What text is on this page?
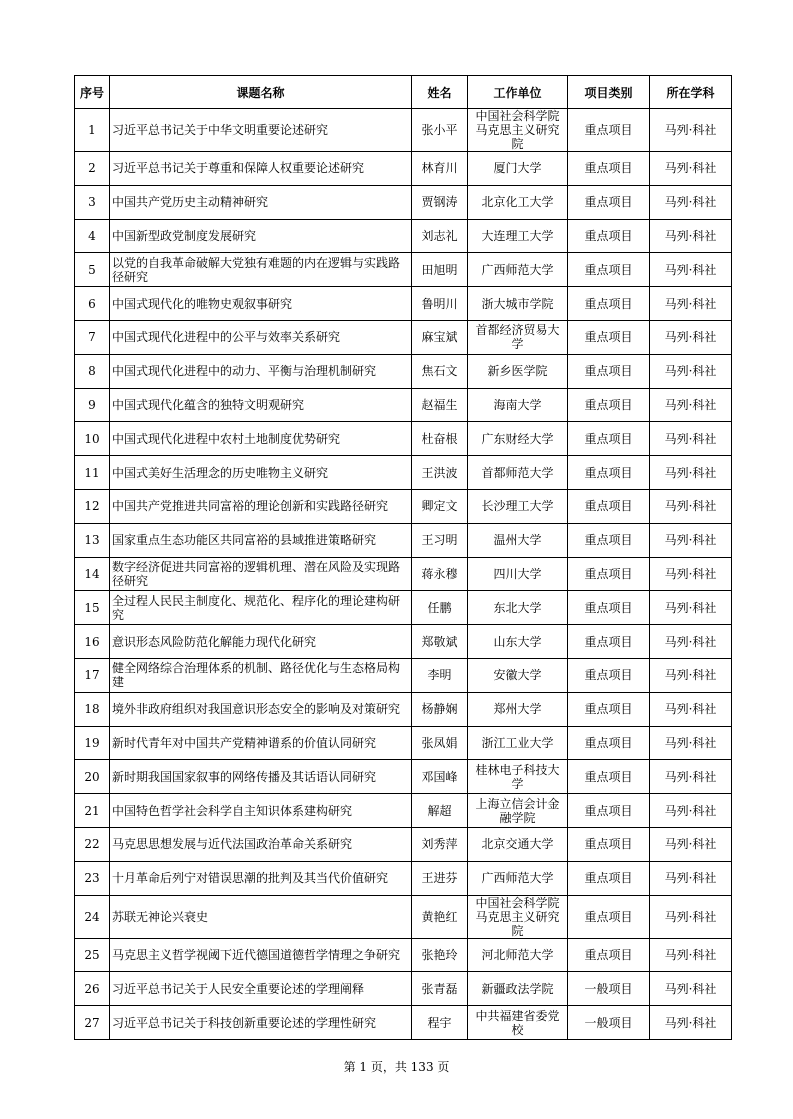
序号	课题名称	姓名	工作单位	项目类别	所在学科
1	习近平总书记关于中华文明重要论述研究	张小平	中国社会科学院马克思主义研究院	重点项目	马列·科社
2	习近平总书记关于尊重和保障人权重要论述研究	林育川	厦门大学	重点项目	马列·科社
3	中国共产党历史主动精神研究	贾钢涛	北京化工大学	重点项目	马列·科社
4	中国新型政党制度发展研究	刘志礼	大连理工大学	重点项目	马列·科社
5	以党的自我革命破解大党独有难题的内在逻辑与实践路径研究	田旭明	广西师范大学	重点项目	马列·科社
6	中国式现代化的唯物史观叙事研究	鲁明川	浙大城市学院	重点项目	马列·科社
7	中国式现代化进程中的公平与效率关系研究	麻宝斌	首都经济贸易大学	重点项目	马列·科社
8	中国式现代化进程中的动力、平衡与治理机制研究	焦石文	新乡医学院	重点项目	马列·科社
9	中国式现代化蕴含的独特文明观研究	赵福生	海南大学	重点项目	马列·科社
10	中国式现代化进程中农村土地制度优势研究	杜奋根	广东财经大学	重点项目	马列·科社
11	中国式美好生活理念的历史唯物主义研究	王洪波	首都师范大学	重点项目	马列·科社
12	中国共产党推进共同富裕的理论创新和实践路径研究	卿定文	长沙理工大学	重点项目	马列·科社
13	国家重点生态功能区共同富裕的县域推进策略研究	王习明	温州大学	重点项目	马列·科社
14	数字经济促进共同富裕的逻辑机理、潜在风险及实现路径研究	蒋永穆	四川大学	重点项目	马列·科社
15	全过程人民民主制度化、规范化、程序化的理论建构研究	任鹏	东北大学	重点项目	马列·科社
16	意识形态风险防范化解能力现代化研究	郑敬斌	山东大学	重点项目	马列·科社
17	健全网络综合治理体系的机制、路径优化与生态格局构建	李明	安徽大学	重点项目	马列·科社
18	境外非政府组织对我国意识形态安全的影响及对策研究	杨静娴	郑州大学	重点项目	马列·科社
19	新时代青年对中国共产党精神谱系的价值认同研究	张凤娟	浙江工业大学	重点项目	马列·科社
20	新时期我国国家叙事的网络传播及其话语认同研究	邓国峰	桂林电子科技大学	重点项目	马列·科社
21	中国特色哲学社会科学自主知识体系建构研究	解超	上海立信会计金融学院	重点项目	马列·科社
22	马克思思想发展与近代法国政治革命关系研究	刘秀萍	北京交通大学	重点项目	马列·科社
23	十月革命后列宁对错误思潮的批判及其当代价值研究	王进芬	广西师范大学	重点项目	马列·科社
24	苏联无神论兴衰史	黄艳红	中国社会科学院马克思主义研究院	重点项目	马列·科社
25	马克思主义哲学视阈下近代德国道德哲学情理之争研究	张艳玲	河北师范大学	重点项目	马列·科社
26	习近平总书记关于人民安全重要论述的学理阐释	张青磊	新疆政法学院	一般项目	马列·科社
27	习近平总书记关于科技创新重要论述的学理性研究	程宇	中共福建省委党校	一般项目	马列·科社
第 1 页，共 133 页
